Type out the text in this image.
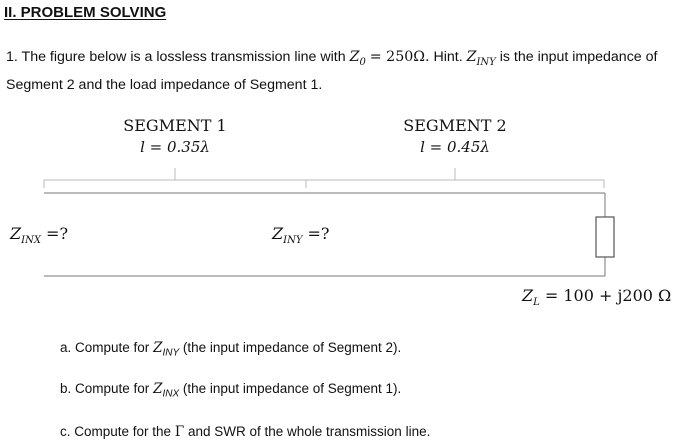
II. PROBLEM SOLVING
1. The figure below is a lossless transmission line with $Z_0 = 250\Omega$. Hint. $Z_{INY}$ is the input impedance of
Segment 2 and the load impedance of Segment 1.
SEGMENT 1
l = 0.35λ
SEGMENT 2
l = 0.45λ
$Z_{INX}$ =?	$Z_{INY}$ =?
$Z_L = 100 + j200$ Ω
a. Compute for $Z_{INY}$ (the input impedance of Segment 2).
b. Compute for $Z_{INX}$ (the input impedance of Segment 1).
c. Compute for the Γ and SWR of the whole transmission line.
